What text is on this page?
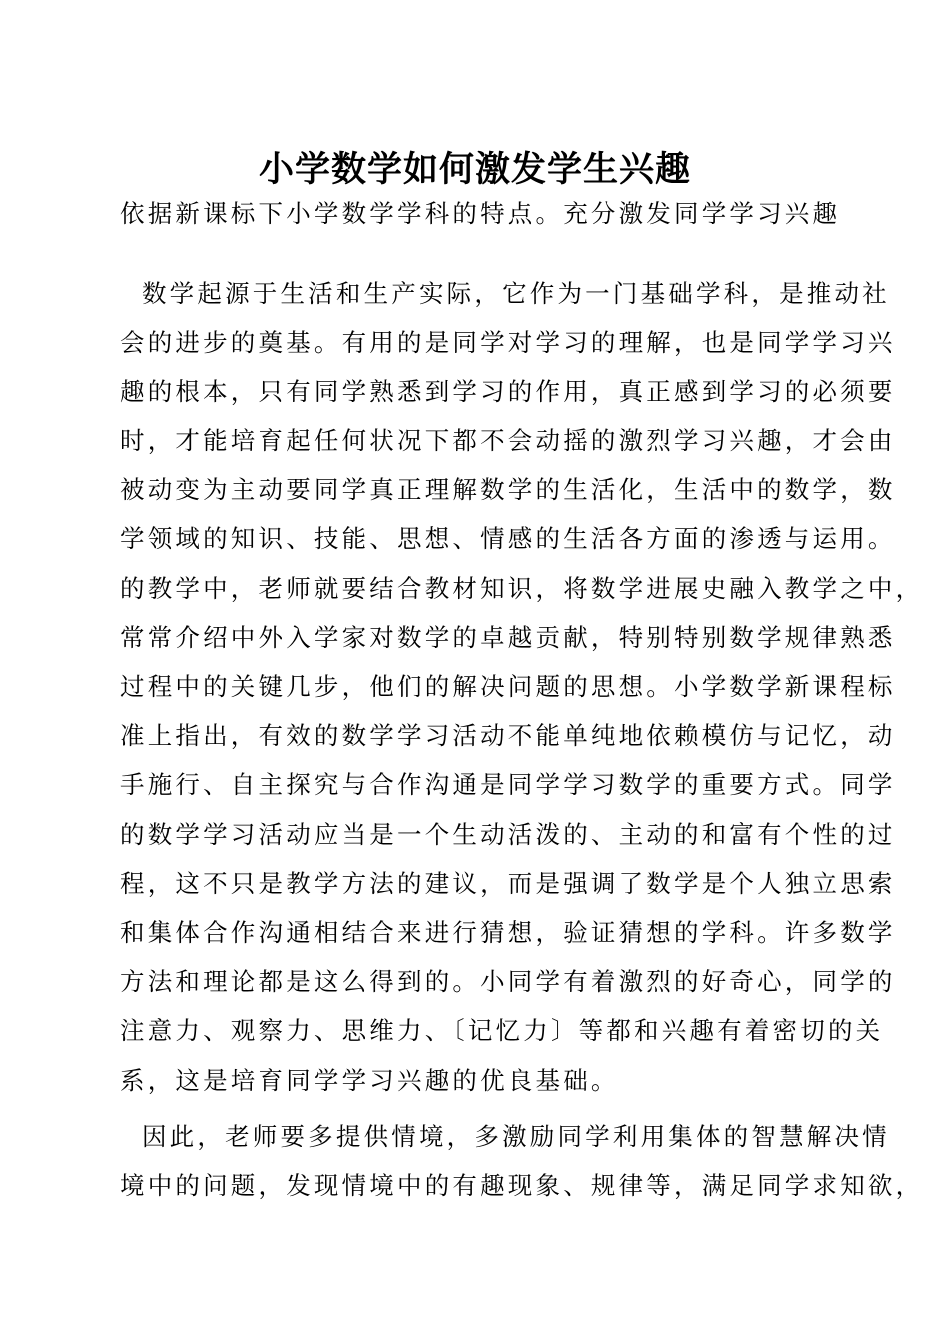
小学数学如何激发学生兴趣
依据新课标下小学数学学科的特点。充分激发同学学习兴趣
数学起源于生活和生产实际，它作为一门基础学科，是推动社
会的进步的奠基。有用的是同学对学习的理解，也是同学学习兴
趣的根本，只有同学熟悉到学习的作用，真正感到学习的必须要
时，才能培育起任何状况下都不会动摇的激烈学习兴趣，才会由
被动变为主动要同学真正理解数学的生活化，生活中的数学，数
学领域的知识、技能、思想、情感的生活各方面的渗透与运用。
的教学中，老师就要结合教材知识，将数学进展史融入教学之中，
常常介绍中外入学家对数学的卓越贡献，特别特别数学规律熟悉
过程中的关键几步，他们的解决问题的思想。小学数学新课程标
准上指出，有效的数学学习活动不能单纯地依赖模仿与记忆，动
手施行、自主探究与合作沟通是同学学习数学的重要方式。同学
的数学学习活动应当是一个生动活泼的、主动的和富有个性的过
程，这不只是教学方法的建议，而是强调了数学是个人独立思索
和集体合作沟通相结合来进行猜想，验证猜想的学科。许多数学
方法和理论都是这么得到的。小同学有着激烈的好奇心，同学的
注意力、观察力、思维力、〔记忆力〕等都和兴趣有着密切的关
系，这是培育同学学习兴趣的优良基础。
因此，老师要多提供情境，多激励同学利用集体的智慧解决情
境中的问题，发现情境中的有趣现象、规律等，满足同学求知欲，
